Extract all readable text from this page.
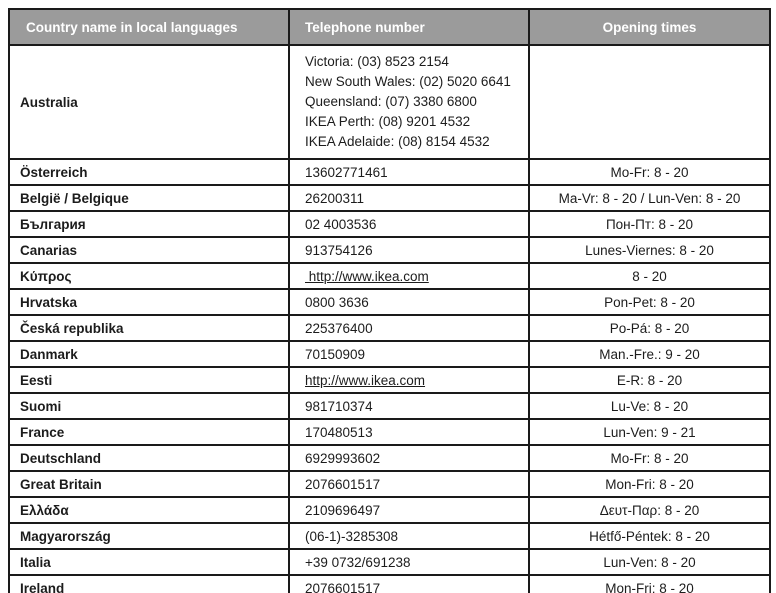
Country name in local languages	Telephone number	Opening times
Australia	Victoria: (03) 8523 2154
New South Wales: (02) 5020 6641
Queensland: (07) 3380 6800
IKEA Perth: (08) 9201 4532
IKEA Adelaide: (08) 8154 4532	

Österreich	13602771461	Mo-Fr: 8 - 20
België / Belgique	26200311	Ma-Vr: 8 - 20 / Lun-Ven: 8 - 20
България	02 4003536	Пон-Пт: 8 - 20
Canarias	913754126	Lunes-Viernes: 8 - 20
Κύπρος	http://www.ikea.com	8 - 20
Hrvatska	0800 3636	Pon-Pet: 8 - 20
Česká republika	225376400	Po-Pá: 8 - 20
Danmark	70150909	Man.-Fre.: 9 - 20
Eesti	http://www.ikea.com	E-R: 8 - 20
Suomi	981710374	Lu-Ve: 8 - 20
France	170480513	Lun-Ven: 9 - 21
Deutschland	6929993602	Mo-Fr: 8 - 20
Great Britain	2076601517	Mon-Fri: 8 - 20
Ελλάδα	2109696497	Δευτ-Παρ: 8 - 20
Magyarország	(06-1)-3285308	Hétfő-Péntek: 8 - 20
Italia	+39 0732/691238	Lun-Ven: 8 - 20
Ireland	2076601517	Mon-Fri: 8 - 20
